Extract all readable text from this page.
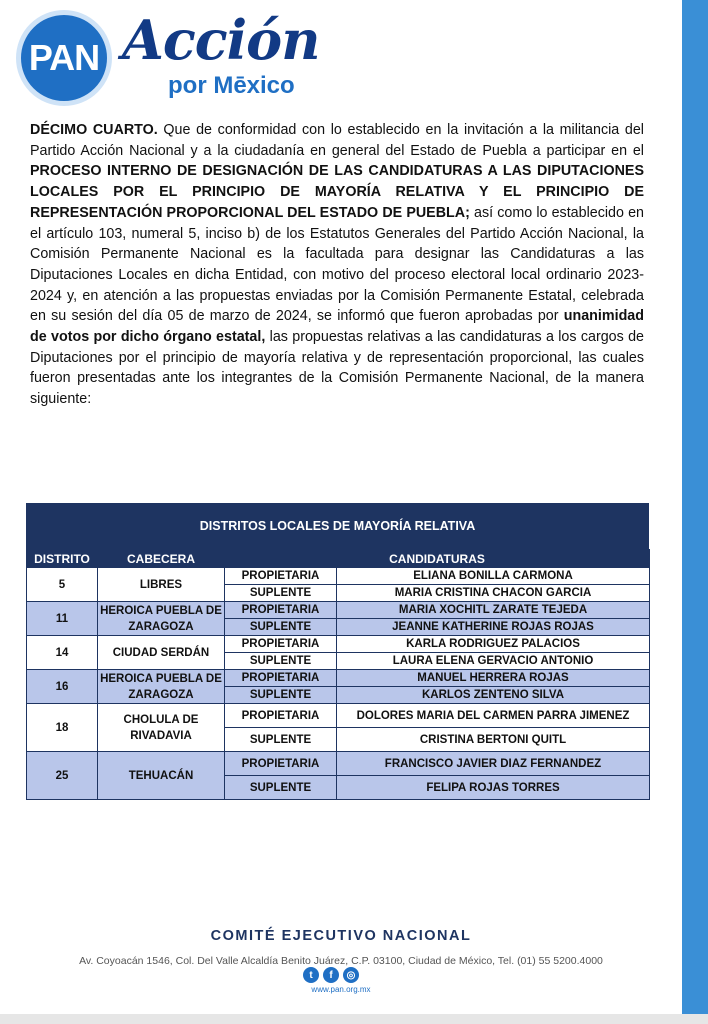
PAN Acción
por Mēxico
DÉCIMO CUARTO. Que de conformidad con lo establecido en la invitación a la militancia del Partido Acción Nacional y a la ciudadanía en general del Estado de Puebla a participar en el PROCESO INTERNO DE DESIGNACIÓN DE LAS CANDIDATURAS A LAS DIPUTACIONES LOCALES POR EL PRINCIPIO DE MAYORÍA RELATIVA Y EL PRINCIPIO DE REPRESENTACIÓN PROPORCIONAL DEL ESTADO DE PUEBLA; así como lo establecido en el artículo 103, numeral 5, inciso b) de los Estatutos Generales del Partido Acción Nacional, la Comisión Permanente Nacional es la facultada para designar las Candidaturas a las Diputaciones Locales en dicha Entidad, con motivo del proceso electoral local ordinario 2023-2024 y, en atención a las propuestas enviadas por la Comisión Permanente Estatal, celebrada en su sesión del día 05 de marzo de 2024, se informó que fueron aprobadas por unanimidad de votos por dicho órgano estatal, las propuestas relativas a las candidaturas a los cargos de Diputaciones por el principio de mayoría relativa y de representación proporcional, las cuales fueron presentadas ante los integrantes de la Comisión Permanente Nacional, de la manera siguiente:
DISTRITOS LOCALES DE MAYORÍA RELATIVA
DISTRITO	CABECERA	CANDIDATURAS	
5	LIBRES	PROPIETARIA	ELIANA BONILLA CARMONA
		SUPLENTE	MARIA CRISTINA CHACON GARCIA
11	HEROICA PUEBLA DE ZARAGOZA	PROPIETARIA	MARIA XOCHITL ZARATE TEJEDA
		SUPLENTE	JEANNE KATHERINE ROJAS ROJAS
14	CIUDAD SERDÁN	PROPIETARIA	KARLA RODRIGUEZ PALACIOS
		SUPLENTE	LAURA ELENA GERVACIO ANTONIO
16	HEROICA PUEBLA DE ZARAGOZA	PROPIETARIA	MANUEL HERRERA ROJAS
		SUPLENTE	KARLOS ZENTENO SILVA
18	CHOLULA DE RIVADAVIA	PROPIETARIA	DOLORES MARIA DEL CARMEN PARRA JIMENEZ
		SUPLENTE	CRISTINA BERTONI QUITL
25	TEHUACÁN	PROPIETARIA	FRANCISCO JAVIER DIAZ FERNANDEZ
		SUPLENTE	FELIPA ROJAS TORRES
COMITÉ EJECUTIVO NACIONAL
Av. Coyoacán 1546, Col. Del Valle Alcaldía Benito Juárez, C.P. 03100, Ciudad de México, Tel. (01) 55 5200.4000
t	f	◎
www.pan.org.mx
